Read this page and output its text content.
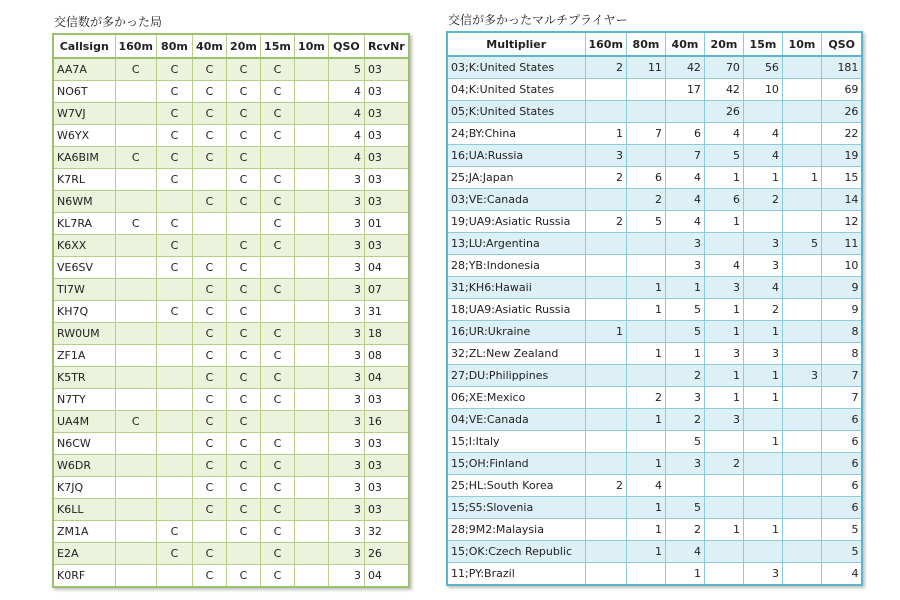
交信数が多かった局
Callsign	160m	80m	40m	20m	15m	10m	QSO	RcvNr
AA7A	C	C	C	C	C		5	03
NO6T		C	C	C	C		4	03
W7VJ		C	C	C	C		4	03
W6YX		C	C	C	C		4	03
KA6BIM	C	C	C	C			4	03
K7RL		C		C	C		3	03
N6WM			C	C	C		3	03
KL7RA	C	C			C		3	01
K6XX		C		C	C		3	03
VE6SV		C	C	C			3	04
TI7W			C	C	C		3	07
KH7Q		C	C	C			3	31
RW0UM			C	C	C		3	18
ZF1A			C	C	C		3	08
K5TR			C	C	C		3	04
N7TY			C	C	C		3	03
UA4M	C		C	C			3	16
N6CW			C	C	C		3	03
W6DR			C	C	C		3	03
K7JQ			C	C	C		3	03
K6LL			C	C	C		3	03
ZM1A		C		C	C		3	32
E2A		C	C		C		3	26
K0RF			C	C	C		3	04
交信が多かったマルチプライヤー
Multiplier	160m	80m	40m	20m	15m	10m	QSO
03;K:United States	2	11	42	70	56		181
04;K:United States			17	42	10		69
05;K:United States				26			26
24;BY:China	1	7	6	4	4		22
16;UA:Russia	3		7	5	4		19
25;JA:Japan	2	6	4	1	1	1	15
03;VE:Canada		2	4	6	2		14
19;UA9:Asiatic Russia	2	5	4	1			12
13;LU:Argentina			3		3	5	11
28;YB:Indonesia			3	4	3		10
31;KH6:Hawaii		1	1	3	4		9
18;UA9:Asiatic Russia		1	5	1	2		9
16;UR:Ukraine	1		5	1	1		8
32;ZL:New Zealand		1	1	3	3		8
27;DU:Philippines			2	1	1	3	7
06;XE:Mexico		2	3	1	1		7
04;VE:Canada		1	2	3			6
15;I:Italy			5		1		6
15;OH:Finland		1	3	2			6
25;HL:South Korea	2	4					6
15;S5:Slovenia		1	5				6
28;9M2:Malaysia		1	2	1	1		5
15;OK:Czech Republic		1	4				5
11;PY:Brazil			1		3		4
